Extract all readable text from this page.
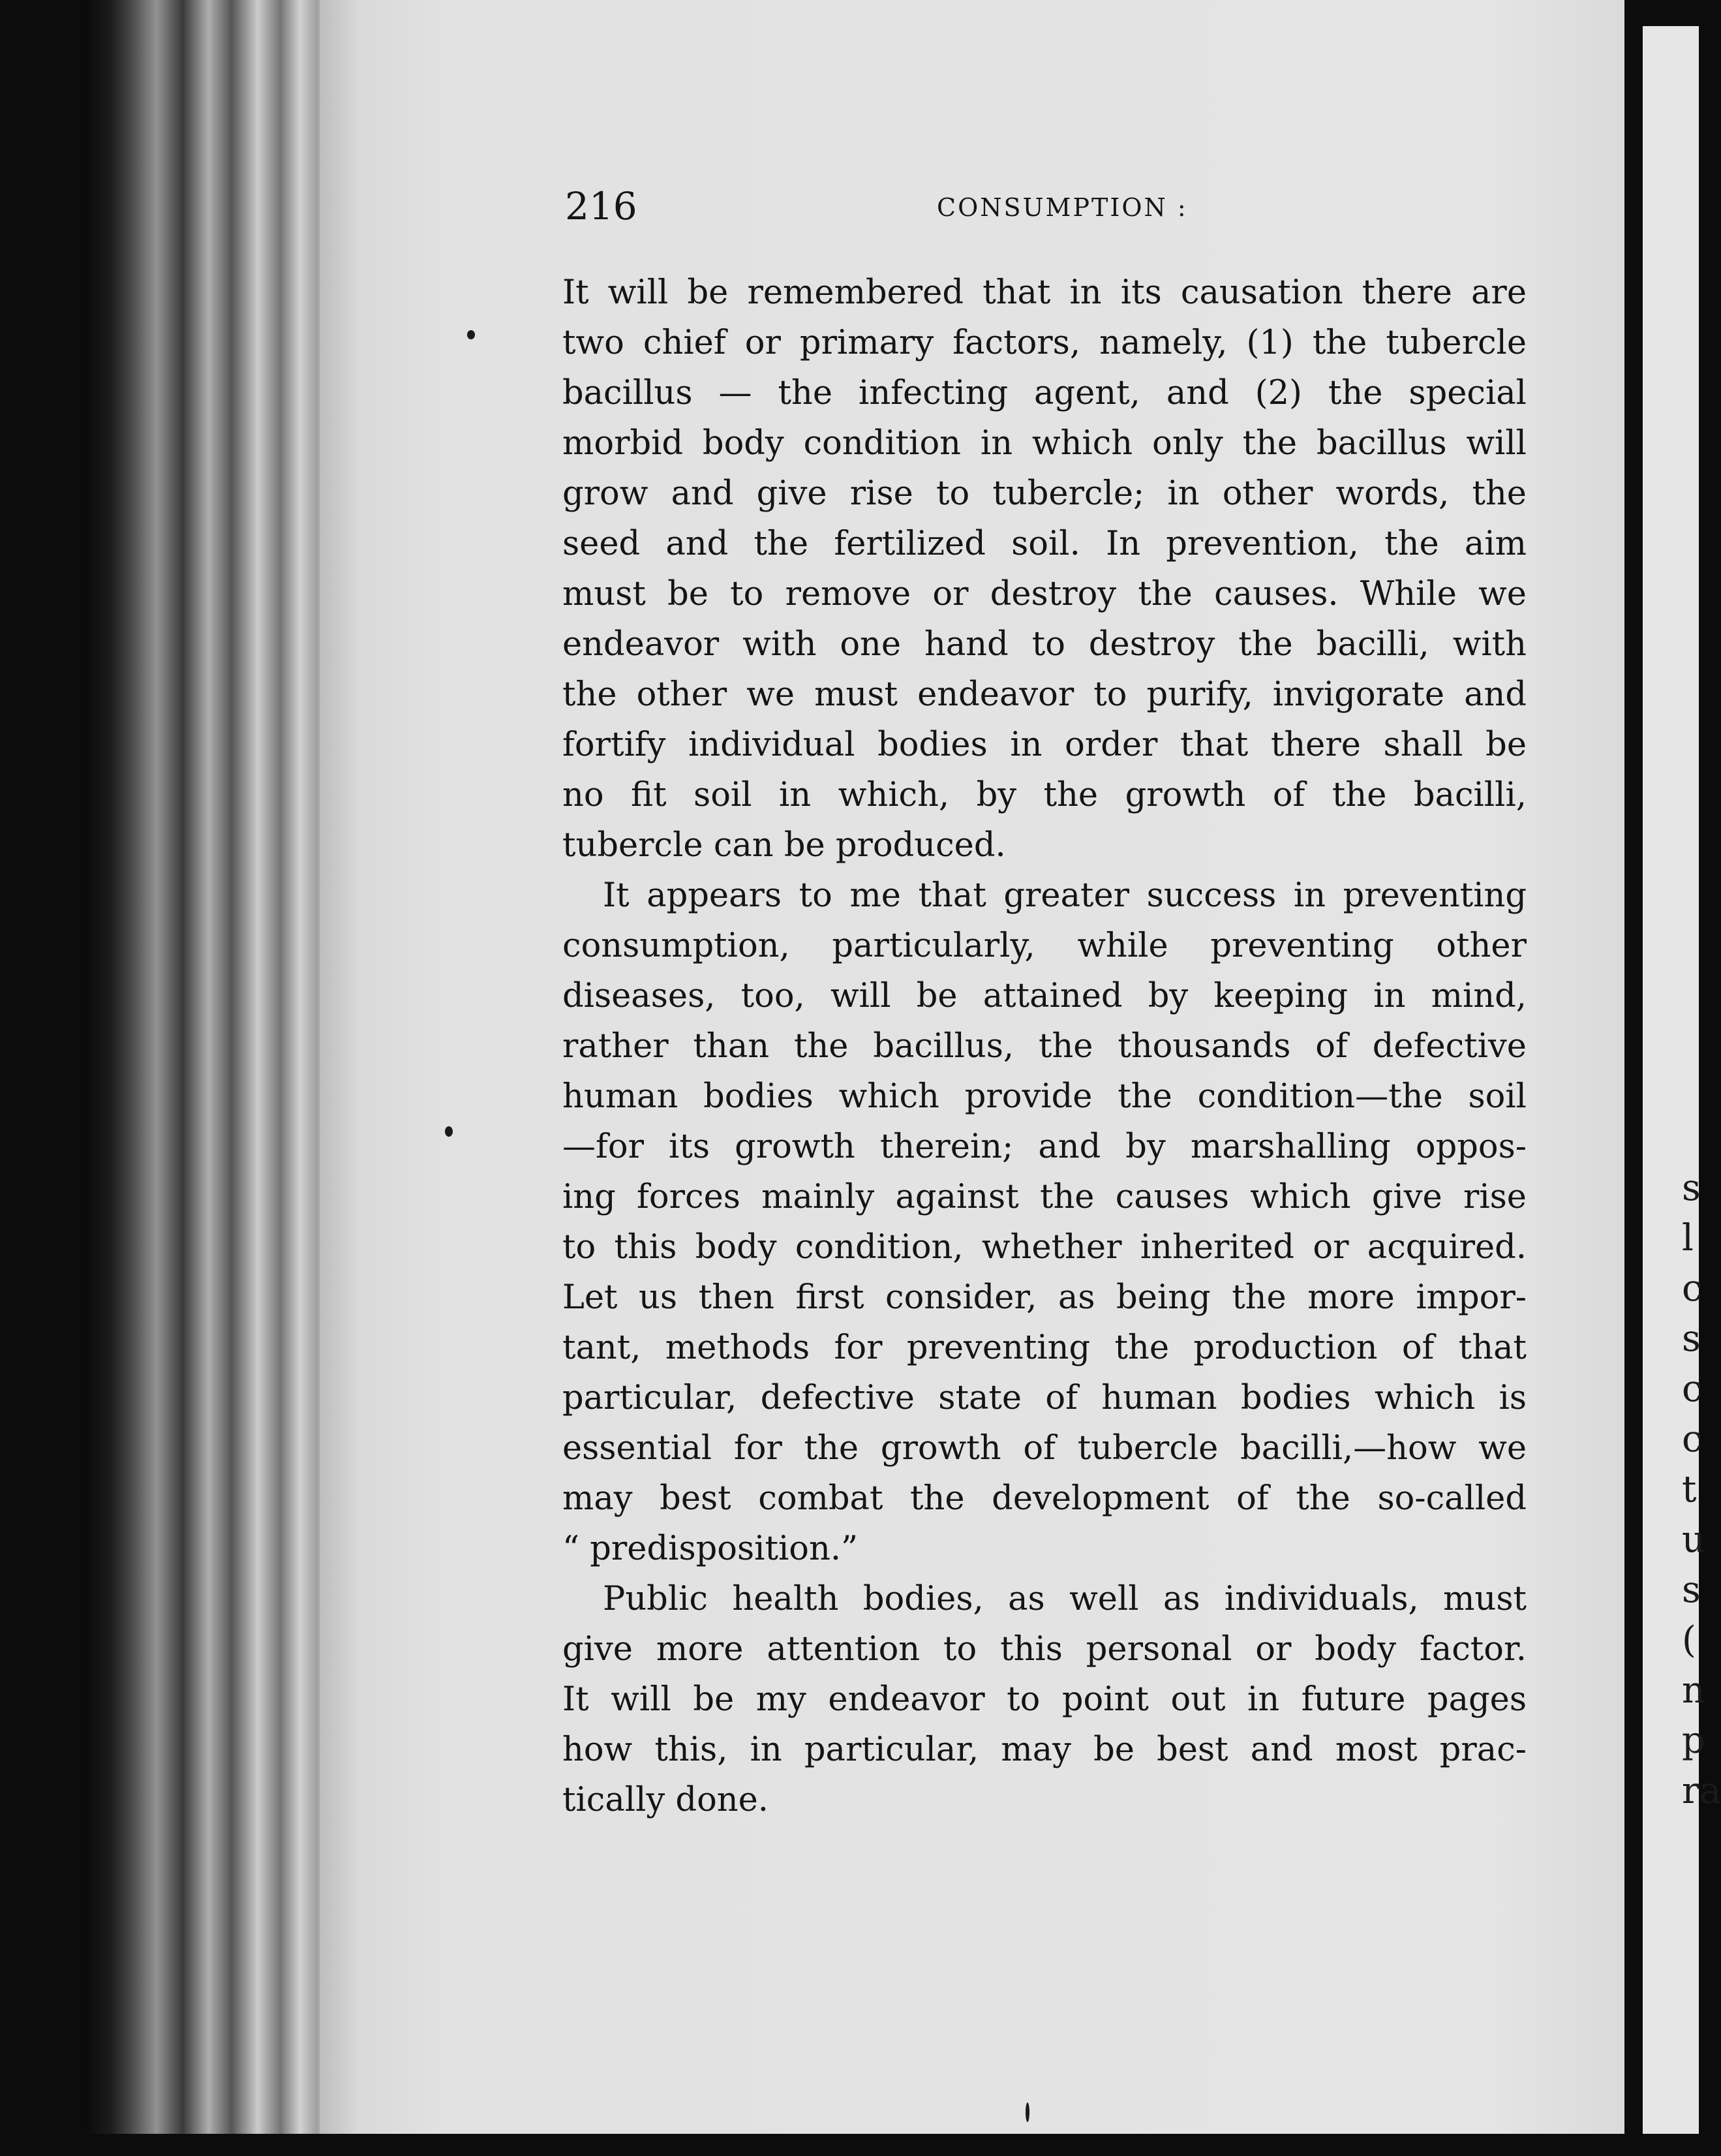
s
l
c
s
c
c
t
u
s
(
n
p
ra
216	CONSUMPTION :
It will be remembered that in its causation there are
two chief or primary factors, namely, (1) the tubercle
bacillus — the infecting agent, and (2) the special
morbid body condition in which only the bacillus will
grow and give rise to tubercle; in other words, the
seed and the fertilized soil. In prevention, the aim
must be to remove or destroy the causes. While we
endeavor with one hand to destroy the bacilli, with
the other we must endeavor to purify, invigorate and
fortify individual bodies in order that there shall be
no fit soil in which, by the growth of the bacilli,
tubercle can be produced.
It appears to me that greater success in preventing
consumption, particularly, while preventing other
diseases, too, will be attained by keeping in mind,
rather than the bacillus, the thousands of defective
human bodies which provide the condition—the soil
—for its growth therein; and by marshalling oppos-
ing forces mainly against the causes which give rise
to this body condition, whether inherited or acquired.
Let us then first consider, as being the more impor-
tant, methods for preventing the production of that
particular, defective state of human bodies which is
essential for the growth of tubercle bacilli,—how we
may best combat the development of the so-called
“ predisposition.”
Public health bodies, as well as individuals, must
give more attention to this personal or body factor.
It will be my endeavor to point out in future pages
how this, in particular, may be best and most prac-
tically done.
